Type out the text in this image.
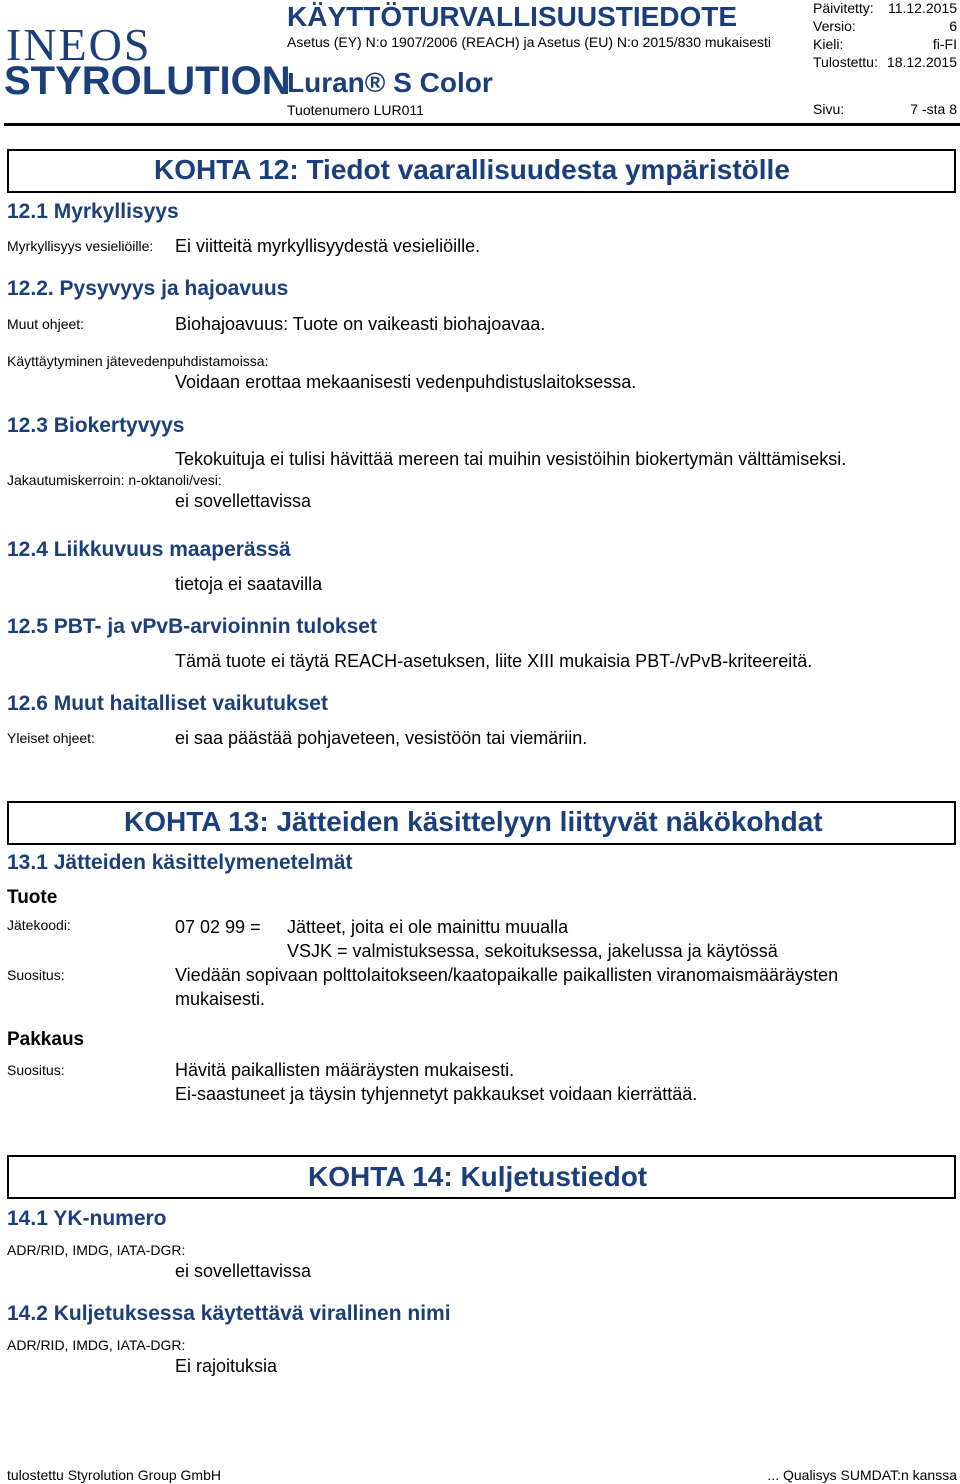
INEOS
STYROLUTION
KÄYTTÖTURVALLISUUSTIEDOTE
Asetus (EY) N:o 1907/2006 (REACH) ja Asetus (EU) N:o 2015/830 mukaisesti
Luran® S Color
Tuotenumero LUR011
Päivitetty: 11.12.2015
Versio:	6
Kieli:	fi-FI
Tulostettu: 18.12.2015
Sivu:	7 -sta 8
KOHTA 12: Tiedot vaarallisuudesta ympäristölle
12.1 Myrkyllisyys
Myrkyllisyys vesieliöille: Ei viitteitä myrkyllisyydestä vesieliöille.
12.2. Pysyvyys ja hajoavuus
Muut ohjeet:	Biohajoavuus: Tuote on vaikeasti biohajoavaa.
Käyttäytyminen jätevedenpuhdistamoissa:
Voidaan erottaa mekaanisesti vedenpuhdistuslaitoksessa.
12.3 Biokertyvyys
Tekokuituja ei tulisi hävittää mereen tai muihin vesistöihin biokertymän välttämiseksi.
Jakautumiskerroin: n-oktanoli/vesi:
ei sovellettavissa
12.4 Liikkuvuus maaperässä
tietoja ei saatavilla
12.5 PBT- ja vPvB-arvioinnin tulokset
Tämä tuote ei täytä REACH-asetuksen, liite XIII mukaisia PBT-/vPvB-kriteereitä.
12.6 Muut haitalliset vaikutukset
Yleiset ohjeet:	ei saa päästää pohjaveteen, vesistöön tai viemäriin.
KOHTA 13: Jätteiden käsittelyyn liittyvät näkökohdat
13.1 Jätteiden käsittelymenetelmät
Tuote
Jätekoodi:	07 02 99 = Jätteet, joita ei ole mainittu muualla
VSJK = valmistuksessa, sekoituksessa, jakelussa ja käytössä
Suositus:	Viedään sopivaan polttolaitokseen/kaatopaikalle paikallisten viranomaismääräysten
mukaisesti.
Pakkaus
Suositus:	Hävitä paikallisten määräysten mukaisesti.
Ei-saastuneet ja täysin tyhjennetyt pakkaukset voidaan kierrättää.
KOHTA 14: Kuljetustiedot
14.1 YK-numero
ADR/RID, IMDG, IATA-DGR:
ei sovellettavissa
14.2 Kuljetuksessa käytettävä virallinen nimi
ADR/RID, IMDG, IATA-DGR:
Ei rajoituksia
tulostettu Styrolution Group GmbH	... Qualisys SUMDAT:n kanssa
